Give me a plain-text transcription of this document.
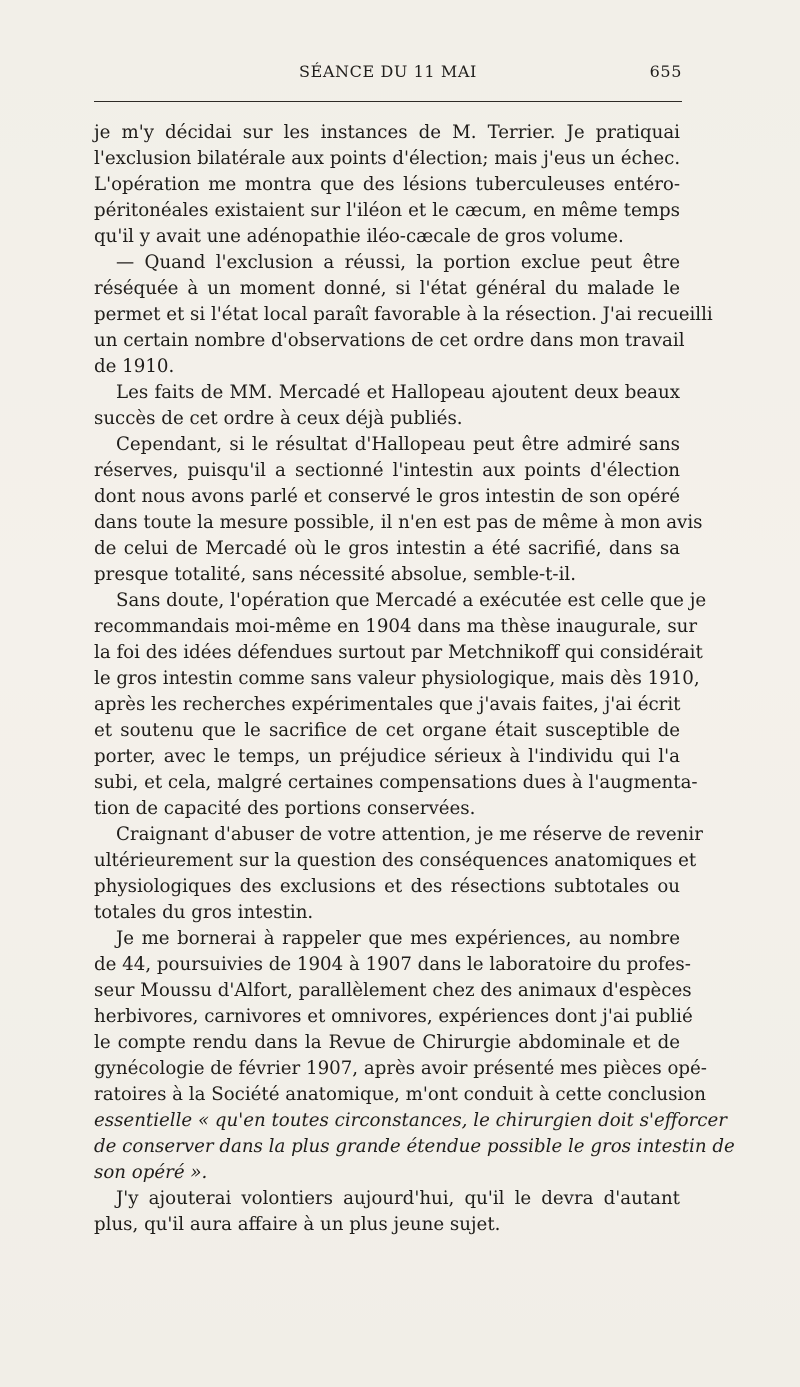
SÉANCE DU 11 MAI	655
je m'y décidai sur les instances de M. Terrier. Je pratiquai
l'exclusion bilatérale aux points d'élection; mais j'eus un échec.
L'opération me montra que des lésions tuberculeuses entéro-
péritonéales existaient sur l'iléon et le cæcum, en même temps
qu'il y avait une adénopathie iléo-cæcale de gros volume.
— Quand l'exclusion a réussi, la portion exclue peut être
réséquée à un moment donné, si l'état général du malade le
permet et si l'état local paraît favorable à la résection. J'ai recueilli
un certain nombre d'observations de cet ordre dans mon travail
de 1910.
Les faits de MM. Mercadé et Hallopeau ajoutent deux beaux
succès de cet ordre à ceux déjà publiés.
Cependant, si le résultat d'Hallopeau peut être admiré sans
réserves, puisqu'il a sectionné l'intestin aux points d'élection
dont nous avons parlé et conservé le gros intestin de son opéré
dans toute la mesure possible, il n'en est pas de même à mon avis
de celui de Mercadé où le gros intestin a été sacrifié, dans sa
presque totalité, sans nécessité absolue, semble-t-il.
Sans doute, l'opération que Mercadé a exécutée est celle que je
recommandais moi-même en 1904 dans ma thèse inaugurale, sur
la foi des idées défendues surtout par Metchnikoff qui considérait
le gros intestin comme sans valeur physiologique, mais dès 1910,
après les recherches expérimentales que j'avais faites, j'ai écrit
et soutenu que le sacrifice de cet organe était susceptible de
porter, avec le temps, un préjudice sérieux à l'individu qui l'a
subi, et cela, malgré certaines compensations dues à l'augmenta-
tion de capacité des portions conservées.
Craignant d'abuser de votre attention, je me réserve de revenir
ultérieurement sur la question des conséquences anatomiques et
physiologiques des exclusions et des résections subtotales ou
totales du gros intestin.
Je me bornerai à rappeler que mes expériences, au nombre
de 44, poursuivies de 1904 à 1907 dans le laboratoire du profes-
seur Moussu d'Alfort, parallèlement chez des animaux d'espèces
herbivores, carnivores et omnivores, expériences dont j'ai publié
le compte rendu dans la Revue de Chirurgie abdominale et de
gynécologie de février 1907, après avoir présenté mes pièces opé-
ratoires à la Société anatomique, m'ont conduit à cette conclusion
essentielle « qu'en toutes circonstances, le chirurgien doit s'efforcer
de conserver dans la plus grande étendue possible le gros intestin de
son opéré ».
J'y ajouterai volontiers aujourd'hui, qu'il le devra d'autant
plus, qu'il aura affaire à un plus jeune sujet.
